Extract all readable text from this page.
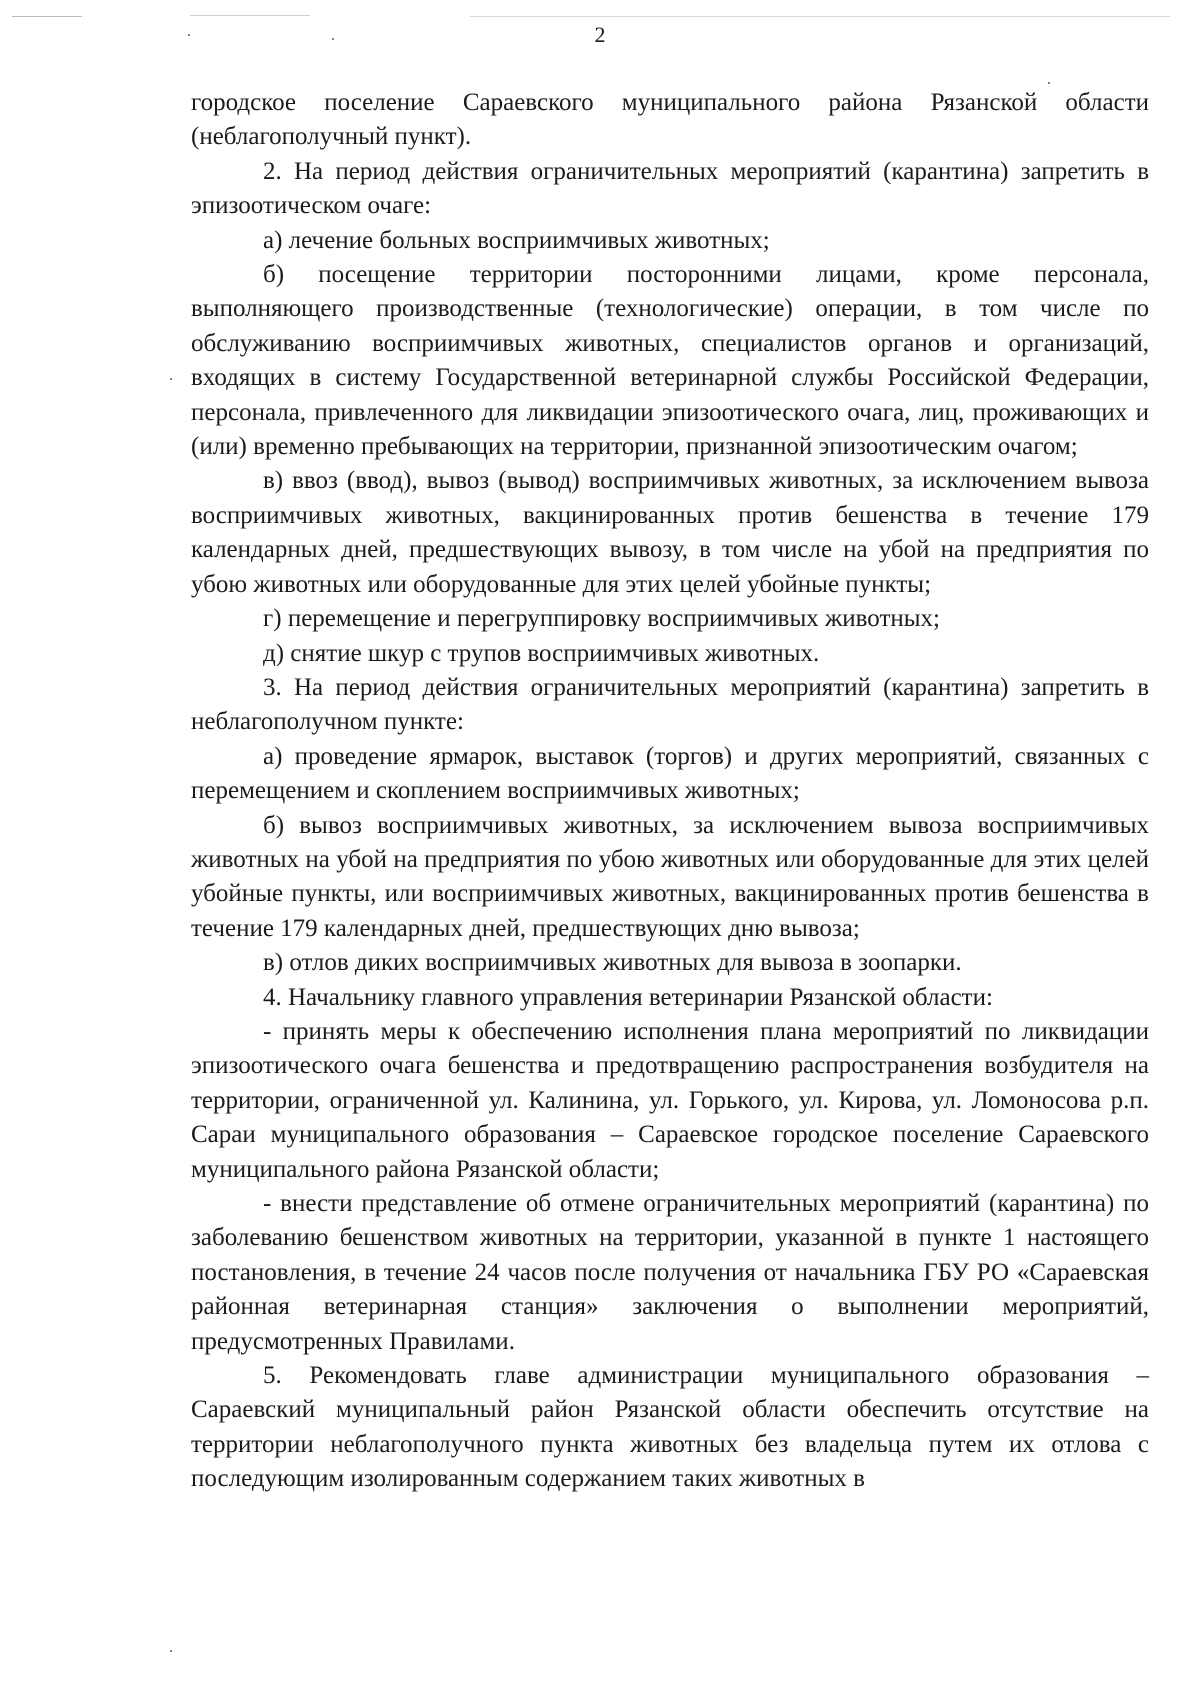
2

городское поселение Сараевского муниципального района Рязанской области (неблагополучный пункт).

2. На период действия ограничительных мероприятий (карантина) запретить в эпизоотическом очаге:

а) лечение больных восприимчивых животных;

б) посещение территории посторонними лицами, кроме персонала, выполняющего производственные (технологические) операции, в том числе по обслуживанию восприимчивых животных, специалистов органов и организаций, входящих в систему Государственной ветеринарной службы Российской Федерации, персонала, привлеченного для ликвидации эпизоотического очага, лиц, проживающих и (или) временно пребывающих на территории, признанной эпизоотическим очагом;

в) ввоз (ввод), вывоз (вывод) восприимчивых животных, за исключением вывоза восприимчивых животных, вакцинированных против бешенства в течение 179 календарных дней, предшествующих вывозу, в том числе на убой на предприятия по убою животных или оборудованные для этих целей убойные пункты;

г) перемещение и перегруппировку восприимчивых животных;

д) снятие шкур с трупов восприимчивых животных.

3. На период действия ограничительных мероприятий (карантина) запретить в неблагополучном пункте:

а) проведение ярмарок, выставок (торгов) и других мероприятий, связанных с перемещением и скоплением восприимчивых животных;

б) вывоз восприимчивых животных, за исключением вывоза восприимчивых животных на убой на предприятия по убою животных или оборудованные для этих целей убойные пункты, или восприимчивых животных, вакцинированных против бешенства в течение 179 календарных дней, предшествующих дню вывоза;

в) отлов диких восприимчивых животных для вывоза в зоопарки.

4. Начальнику главного управления ветеринарии Рязанской области:

- принять меры к обеспечению исполнения плана мероприятий по ликвидации эпизоотического очага бешенства и предотвращению распространения возбудителя на территории, ограниченной ул. Калинина, ул. Горького, ул. Кирова, ул. Ломоносова р.п. Сараи муниципального образования – Сараевское городское поселение Сараевского муниципального района Рязанской области;

- внести представление об отмене ограничительных мероприятий (карантина) по заболеванию бешенством животных на территории, указанной в пункте 1 настоящего постановления, в течение 24 часов после получения от начальника ГБУ РО «Сараевская районная ветеринарная станция» заключения о выполнении мероприятий, предусмотренных Правилами.

5. Рекомендовать главе администрации муниципального образования – Сараевский муниципальный район Рязанской области обеспечить отсутствие на территории неблагополучного пункта животных без владельца путем их отлова с последующим изолированным содержанием таких животных в
